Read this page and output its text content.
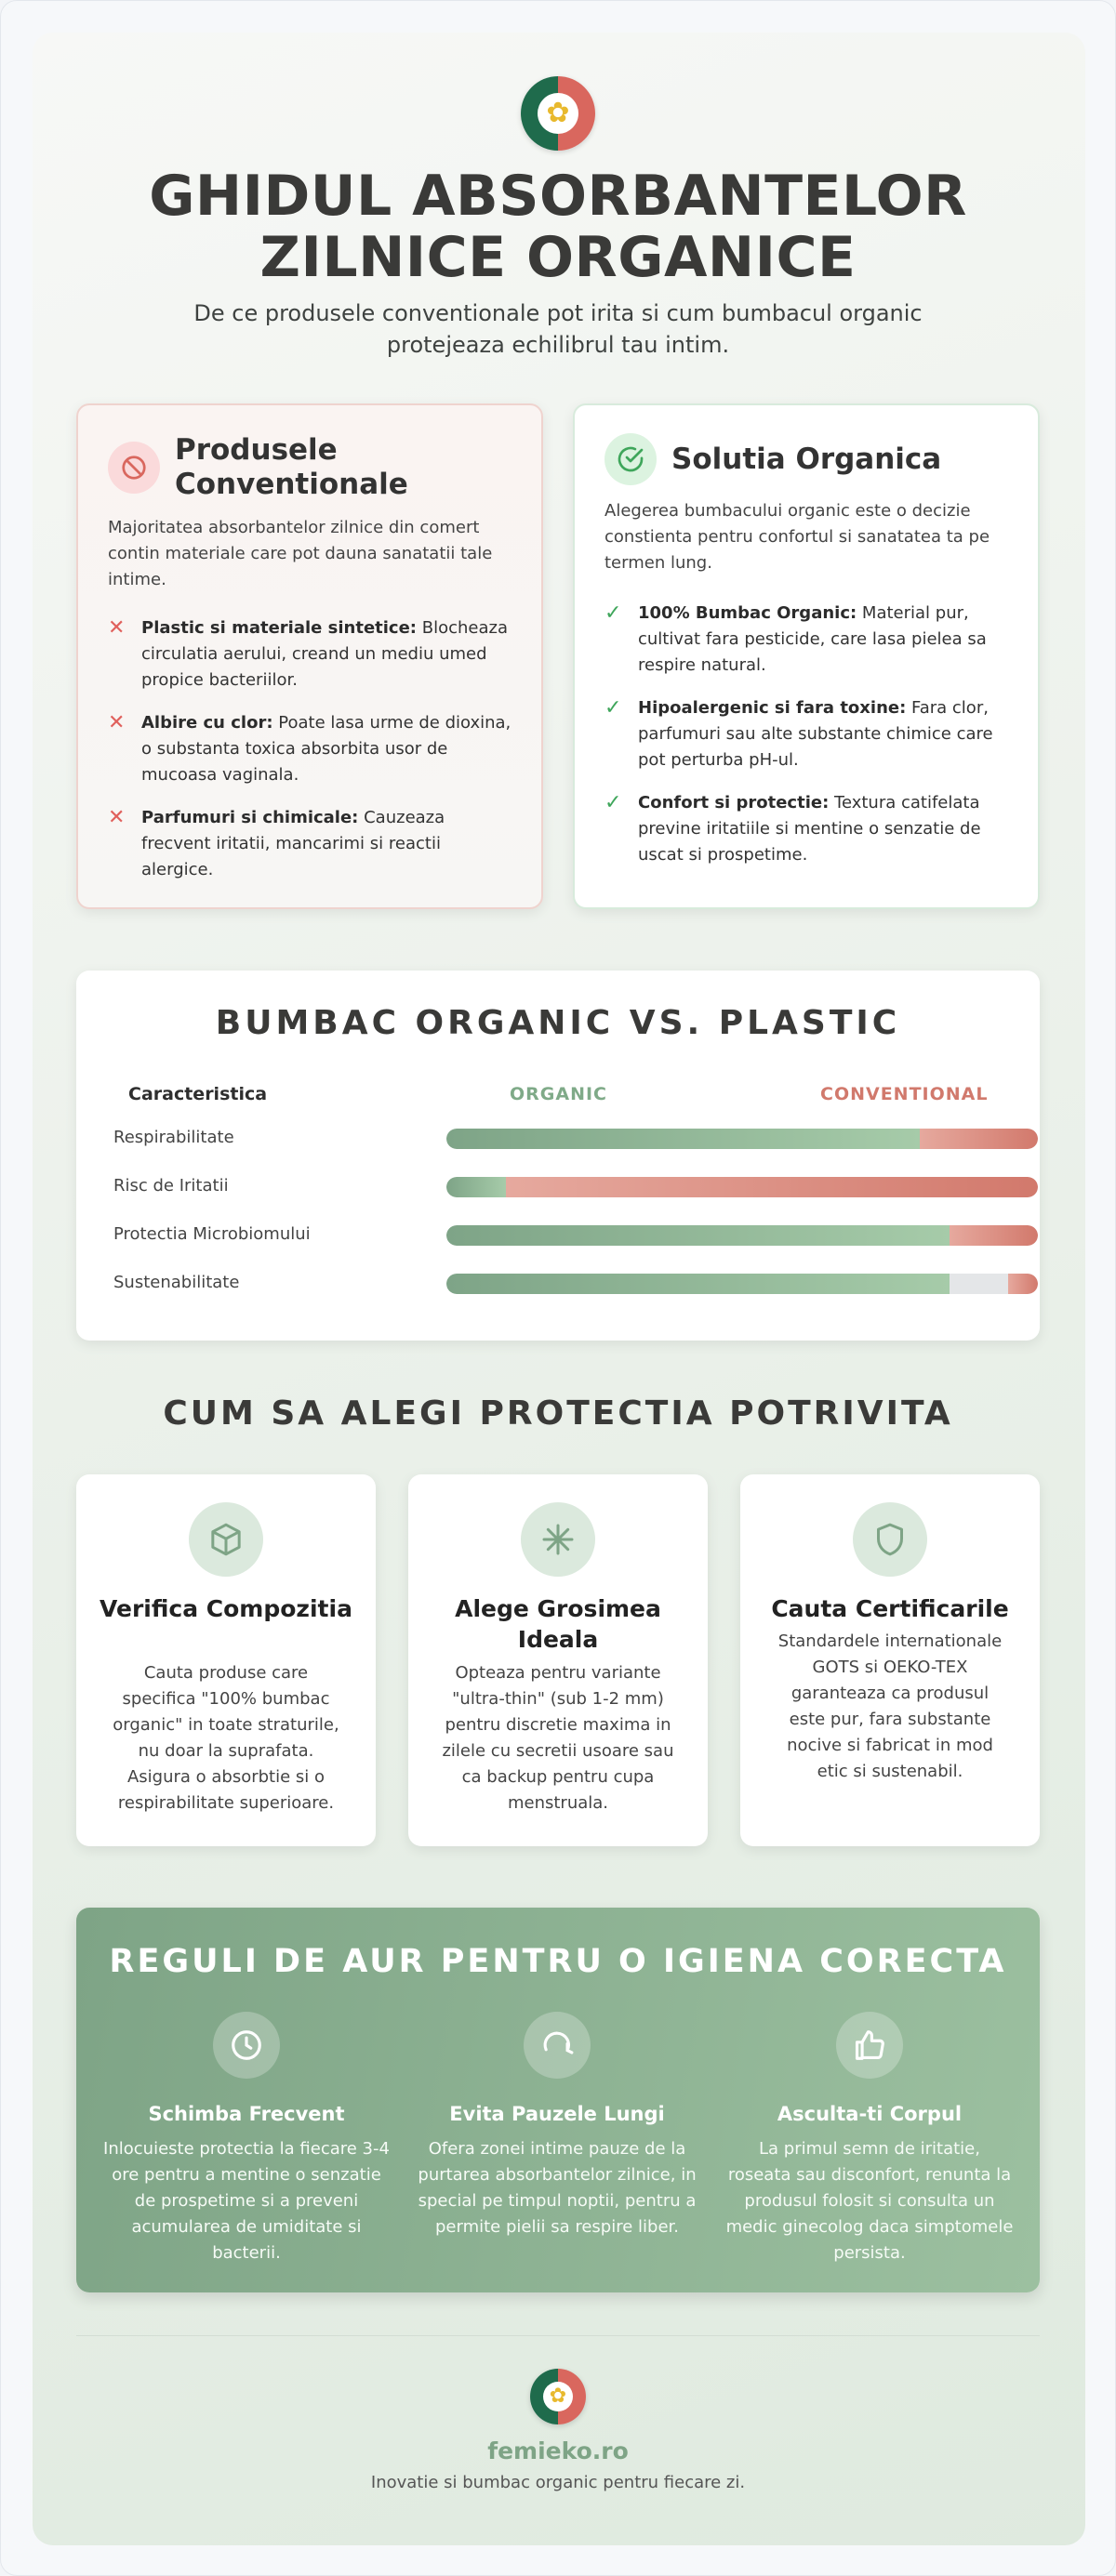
✿
GHIDUL ABSORBANTELOR ZILNICE ORGANICE

De ce produsele conventionale pot irita si cum bumbacul organic protejeaza echilibrul tau intim.

Produsele Conventionale

Majoritatea absorbantelor zilnice din comert contin materiale care pot dauna sanatatii tale intime.

✕ Plastic si materiale sintetice: Blocheaza circulatia aerului, creand un mediu umed propice bacteriilor.
✕ Albire cu clor: Poate lasa urme de dioxina, o substanta toxica absorbita usor de mucoasa vaginala.
✕ Parfumuri si chimicale: Cauzeaza frecvent iritatii, mancarimi si reactii alergice.
Solutia Organica

Alegerea bumbacului organic este o decizie constienta pentru confortul si sanatatea ta pe termen lung.

✓ 100% Bumbac Organic: Material pur, cultivat fara pesticide, care lasa pielea sa respire natural.
✓ Hipoalergenic si fara toxine: Fara clor, parfumuri sau alte substante chimice care pot perturba pH-ul.
✓ Confort si protectie: Textura catifelata previne iritatiile si mentine o senzatie de uscat si prospetime.
BUMBAC ORGANIC VS. PLASTIC
Caracteristica	ORGANIC	CONVENTIONAL
Respirabilitate
Risc de Iritatii
Protectia Microbiomului
Sustenabilitate
CUM SA ALEGI PROTECTIA POTRIVITA
Verifica Compozitia

Cauta produse care specifica "100% bumbac organic" in toate straturile, nu doar la suprafata. Asigura o absorbtie si o respirabilitate superioare.

Alege Grosimea Ideala

Opteaza pentru variante "ultra-thin" (sub 1-2 mm) pentru discretie maxima in zilele cu secretii usoare sau ca backup pentru cupa menstruala.

Cauta Certificarile

Standardele internationale GOTS si OEKO-TEX garanteaza ca produsul este pur, fara substante nocive si fabricat in mod etic si sustenabil.

REGULI DE AUR PENTRU O IGIENA CORECTA
Schimba Frecvent

Inlocuieste protectia la fiecare 3-4 ore pentru a mentine o senzatie de prospetime si a preveni acumularea de umiditate si bacterii.

Evita Pauzele Lungi

Ofera zonei intime pauze de la purtarea absorbantelor zilnice, in special pe timpul noptii, pentru a permite pielii sa respire liber.

Asculta-ti Corpul

La primul semn de iritatie, roseata sau disconfort, renunta la produsul folosit si consulta un medic ginecolog daca simptomele persista.

✿
femieko.ro
Inovatie si bumbac organic pentru fiecare zi.
